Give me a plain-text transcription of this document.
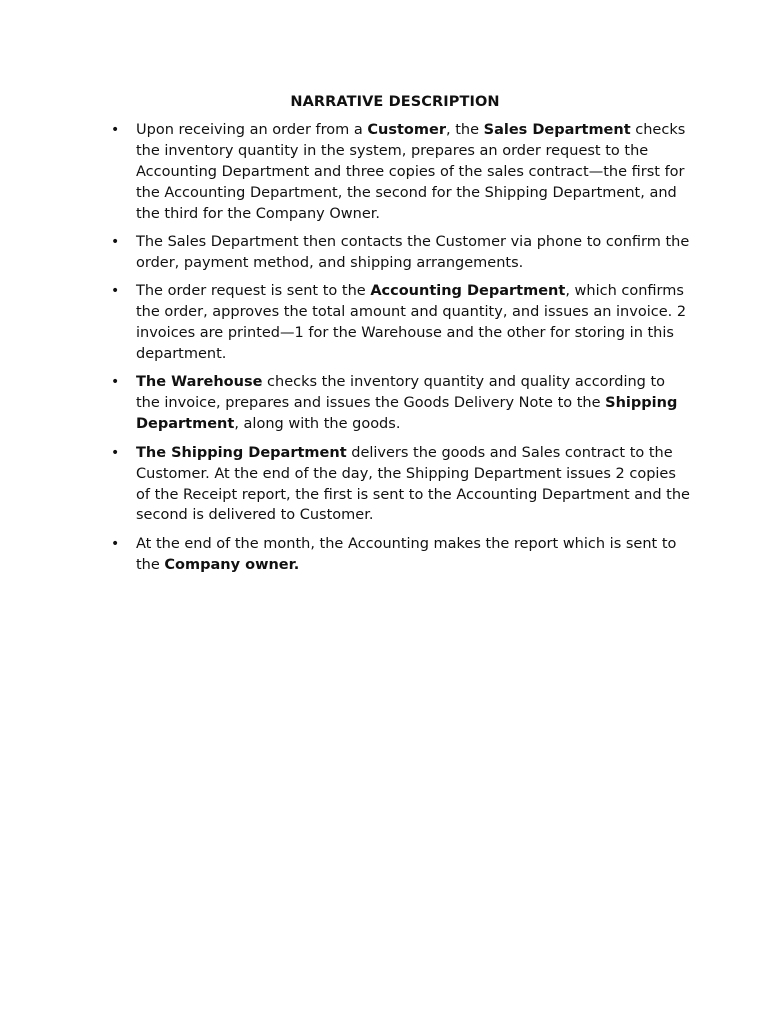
NARRATIVE DESCRIPTION
• Upon receiving an order from a Customer, the Sales Department checks the inventory quantity in the system, prepares an order request to the Accounting Department and three copies of the sales contract—the first for the Accounting Department, the second for the Shipping Department, and the third for the Company Owner.
• The Sales Department then contacts the Customer via phone to confirm the order, payment method, and shipping arrangements.
• The order request is sent to the Accounting Department, which confirms the order, approves the total amount and quantity, and issues an invoice. 2 invoices are printed—1 for the Warehouse and the other for storing in this department.
• The Warehouse checks the inventory quantity and quality according to the invoice, prepares and issues the Goods Delivery Note to the Shipping Department, along with the goods.
• The Shipping Department delivers the goods and Sales contract to the Customer. At the end of the day, the Shipping Department issues 2 copies of the Receipt report, the first is sent to the Accounting Department and the second is delivered to Customer.
• At the end of the month, the Accounting makes the report which is sent to the Company owner.
